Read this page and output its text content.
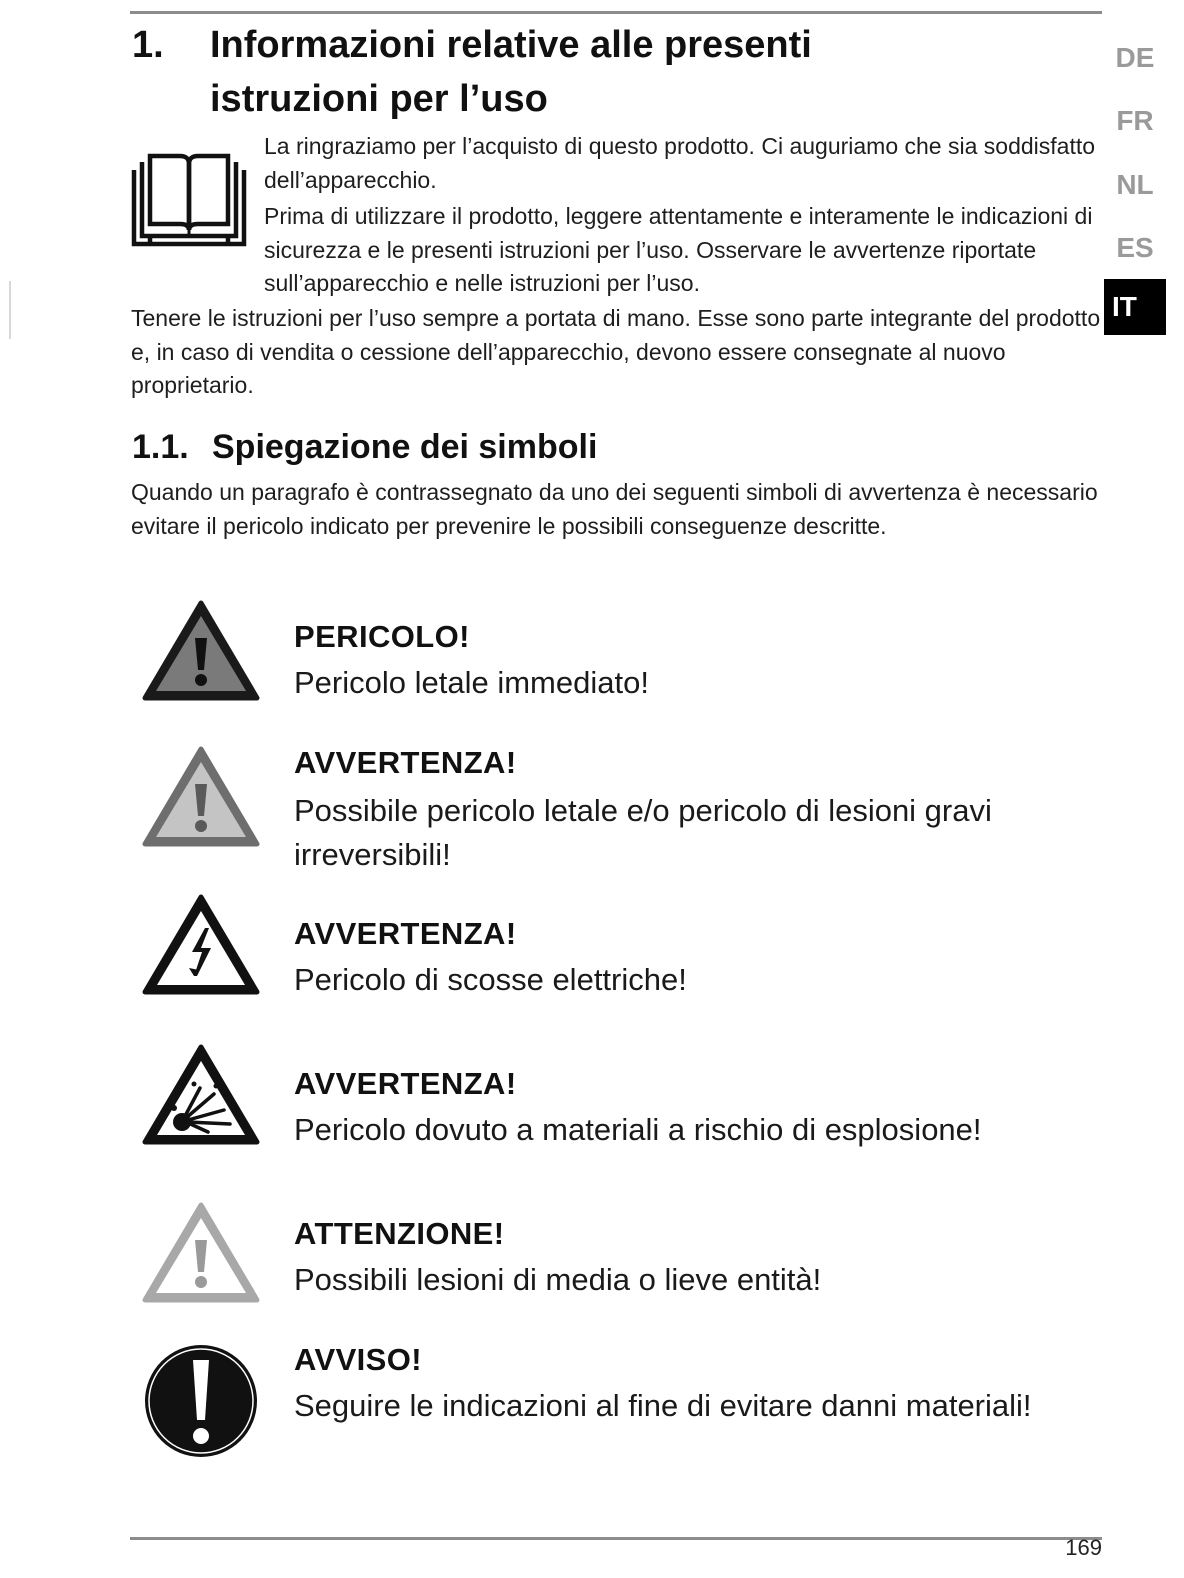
1. Informazioni relative alle presenti
istruzioni per l’uso

La ringraziamo per l’acquisto di questo prodotto. Ci auguriamo che sia soddisfatto dell’apparecchio.

Prima di utilizzare il prodotto, leggere attentamente e interamente le indicazioni di sicurezza e le presenti istruzioni per l’uso. Osservare le avvertenze riportate sull’apparecchio e nelle istruzioni per l’uso.

Tenere le istruzioni per l’uso sempre a portata di mano. Esse sono parte integrante del prodotto e, in caso di vendita o cessione dell’apparecchio, devono essere consegnate al nuovo proprietario.

1.1. Spiegazione dei simboli

Quando un paragrafo è contrassegnato da uno dei seguenti simboli di avvertenza è necessario evitare il pericolo indicato per prevenire le possibili conseguenze descritte.

PERICOLO!

Pericolo letale immediato!

AVVERTENZA!

Possibile pericolo letale e/o pericolo di lesioni gravi irreversibili!

AVVERTENZA!

Pericolo di scosse elettriche!

AVVERTENZA!

Pericolo dovuto a materiali a rischio di esplosione!

ATTENZIONE!

Possibili lesioni di media o lieve entità!

AVVISO!

Seguire le indicazioni al fine di evitare danni materiali!

DE
FR
NL
ES
IT
169
